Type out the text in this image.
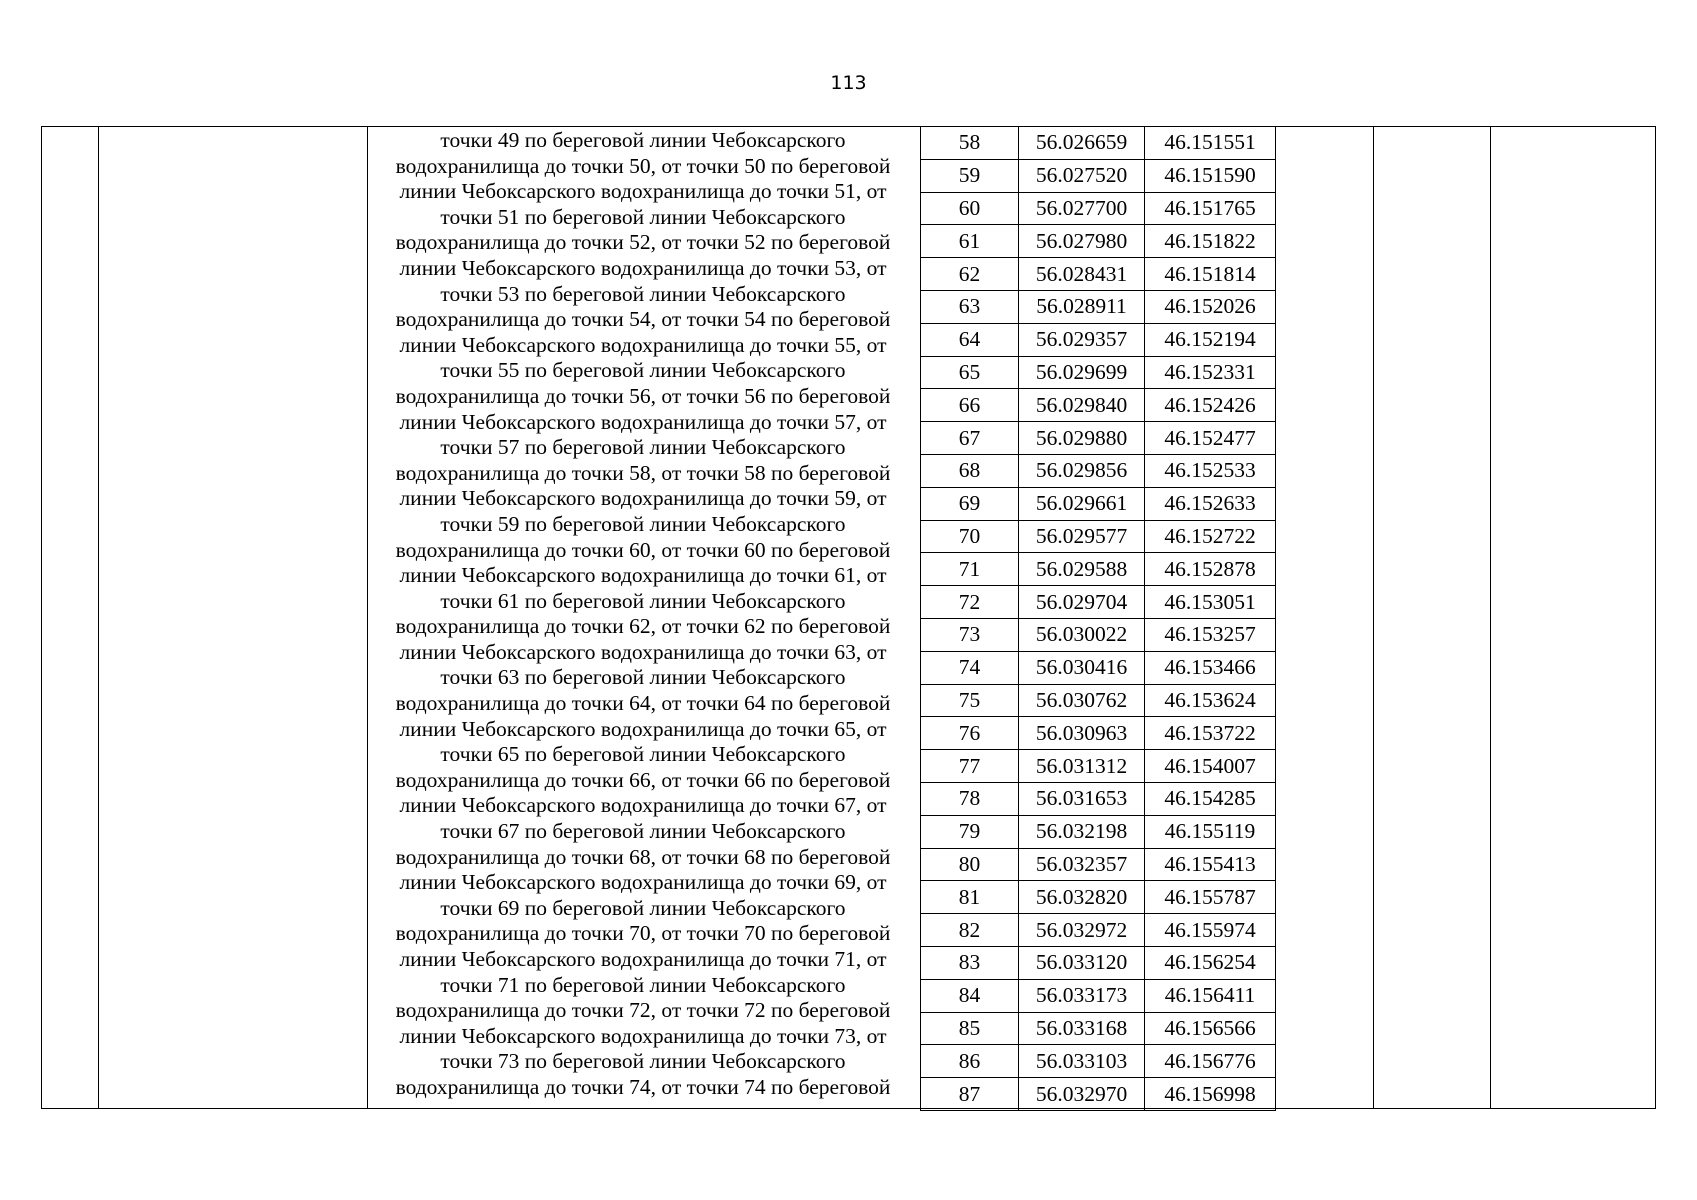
113
точки 49 по береговой линии Чебоксарского
водохранилища до точки 50, от точки 50 по береговой
линии Чебоксарского водохранилища до точки 51, от
точки 51 по береговой линии Чебоксарского
водохранилища до точки 52, от точки 52 по береговой
линии Чебоксарского водохранилища до точки 53, от
точки 53 по береговой линии Чебоксарского
водохранилища до точки 54, от точки 54 по береговой
линии Чебоксарского водохранилища до точки 55, от
точки 55 по береговой линии Чебоксарского
водохранилища до точки 56, от точки 56 по береговой
линии Чебоксарского водохранилища до точки 57, от
точки 57 по береговой линии Чебоксарского
водохранилища до точки 58, от точки 58 по береговой
линии Чебоксарского водохранилища до точки 59, от
точки 59 по береговой линии Чебоксарского
водохранилища до точки 60, от точки 60 по береговой
линии Чебоксарского водохранилища до точки 61, от
точки 61 по береговой линии Чебоксарского
водохранилища до точки 62, от точки 62 по береговой
линии Чебоксарского водохранилища до точки 63, от
точки 63 по береговой линии Чебоксарского
водохранилища до точки 64, от точки 64 по береговой
линии Чебоксарского водохранилища до точки 65, от
точки 65 по береговой линии Чебоксарского
водохранилища до точки 66, от точки 66 по береговой
линии Чебоксарского водохранилища до точки 67, от
точки 67 по береговой линии Чебоксарского
водохранилища до точки 68, от точки 68 по береговой
линии Чебоксарского водохранилища до точки 69, от
точки 69 по береговой линии Чебоксарского
водохранилища до точки 70, от точки 70 по береговой
линии Чебоксарского водохранилища до точки 71, от
точки 71 по береговой линии Чебоксарского
водохранилища до точки 72, от точки 72 по береговой
линии Чебоксарского водохранилища до точки 73, от
точки 73 по береговой линии Чебоксарского
водохранилища до точки 74, от точки 74 по береговой
58	56.026659	46.151551
59	56.027520	46.151590
60	56.027700	46.151765
61	56.027980	46.151822
62	56.028431	46.151814
63	56.028911	46.152026
64	56.029357	46.152194
65	56.029699	46.152331
66	56.029840	46.152426
67	56.029880	46.152477
68	56.029856	46.152533
69	56.029661	46.152633
70	56.029577	46.152722
71	56.029588	46.152878
72	56.029704	46.153051
73	56.030022	46.153257
74	56.030416	46.153466
75	56.030762	46.153624
76	56.030963	46.153722
77	56.031312	46.154007
78	56.031653	46.154285
79	56.032198	46.155119
80	56.032357	46.155413
81	56.032820	46.155787
82	56.032972	46.155974
83	56.033120	46.156254
84	56.033173	46.156411
85	56.033168	46.156566
86	56.033103	46.156776
87	56.032970	46.156998
